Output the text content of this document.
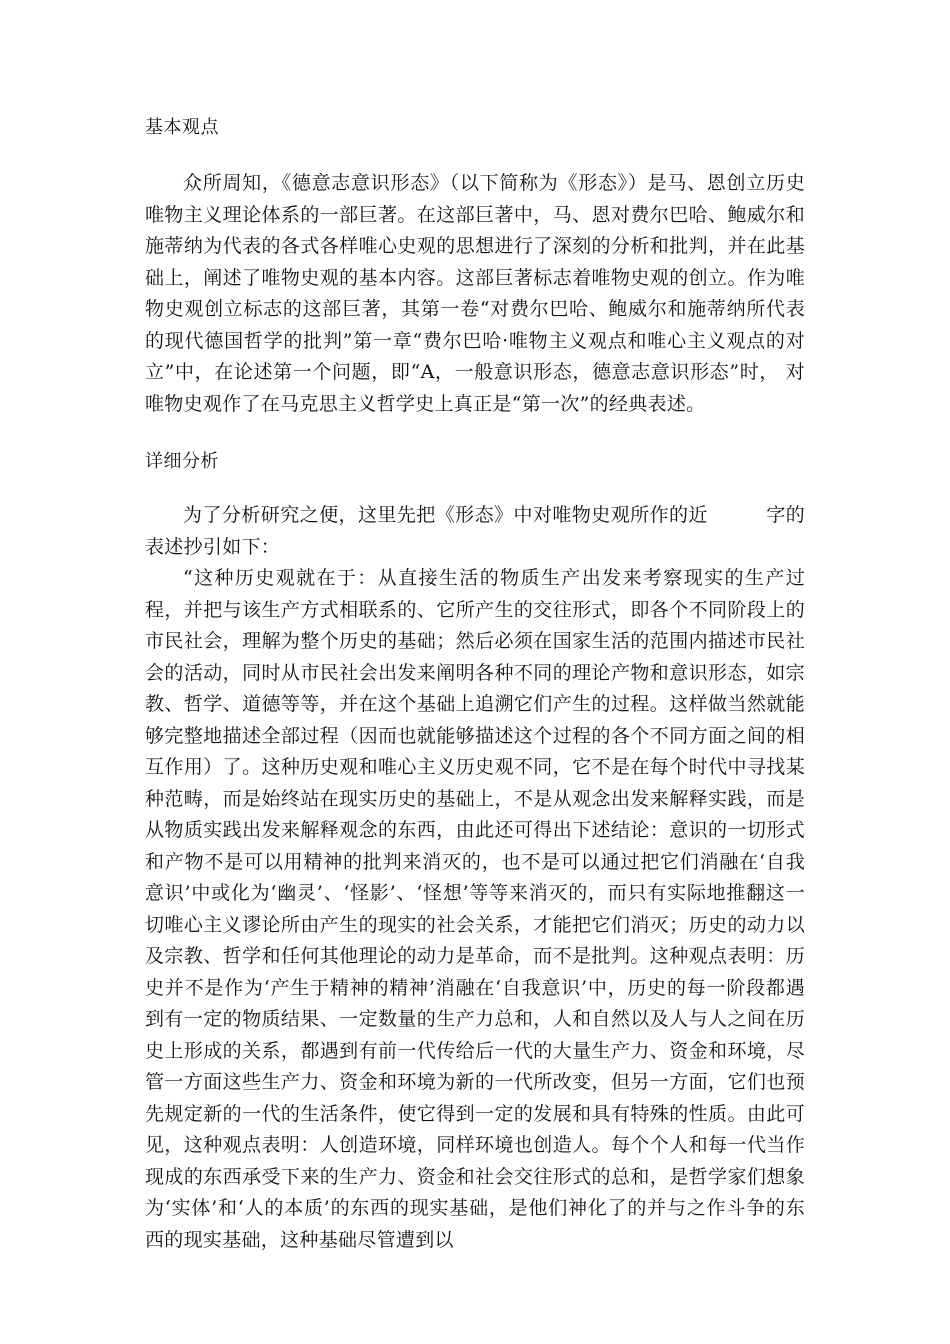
基本观点

众所周知，《德意志意识形态》（以下简称为《形态》）是马、恩创立历史唯物主义理论体系的一部巨著。在这部巨著中，马、恩对费尔巴哈、鲍威尔和施蒂纳为代表的各式各样唯心史观的思想进行了深刻的分析和批判，并在此基础上，阐述了唯物史观的基本内容。这部巨著标志着唯物史观的创立。作为唯物史观创立标志的这部巨著，其第一卷“对费尔巴哈、鲍威尔和施蒂纳所代表的现代德国哲学的批判”第一章“费尔巴哈·唯物主义观点和唯心主义观点的对立”中，在论述第一个问题，即“A，一般意识形态，德意志意识形态”时， 对唯物史观作了在马克思主义哲学史上真正是“第一次”的经典表述。

详细分析

为了分析研究之便，这里先把《形态》中对唯物史观所作的近　　　字的表述抄引如下：

“这种历史观就在于：从直接生活的物质生产出发来考察现实的生产过程，并把与该生产方式相联系的、它所产生的交往形式，即各个不同阶段上的市民社会，理解为整个历史的基础；然后必须在国家生活的范围内描述市民社会的活动，同时从市民社会出发来阐明各种不同的理论产物和意识形态，如宗教、哲学、道德等等，并在这个基础上追溯它们产生的过程。这样做当然就能够完整地描述全部过程（因而也就能够描述这个过程的各个不同方面之间的相互作用）了。这种历史观和唯心主义历史观不同，它不是在每个时代中寻找某种范畴，而是始终站在现实历史的基础上，不是从观念出发来解释实践，而是从物质实践出发来解释观念的东西，由此还可得出下述结论：意识的一切形式和产物不是可以用精神的批判来消灭的，也不是可以通过把它们消融在‘自我意识’中或化为‘幽灵’、‘怪影’、‘怪想’等等来消灭的，而只有实际地推翻这一切唯心主义谬论所由产生的现实的社会关系，才能把它们消灭；历史的动力以及宗教、哲学和任何其他理论的动力是革命，而不是批判。这种观点表明：历史并不是作为‘产生于精神的精神’消融在‘自我意识’中，历史的每一阶段都遇到有一定的物质结果、一定数量的生产力总和，人和自然以及人与人之间在历史上形成的关系，都遇到有前一代传给后一代的大量生产力、资金和环境，尽管一方面这些生产力、资金和环境为新的一代所改变，但另一方面，它们也预先规定新的一代的生活条件，使它得到一定的发展和具有特殊的性质。由此可见，这种观点表明：人创造环境，同样环境也创造人。每个个人和每一代当作现成的东西承受下来的生产力、资金和社会交往形式的总和，是哲学家们想象为‘实体’和‘人的本质’的东西的现实基础，是他们神化了的并与之作斗争的东西的现实基础，这种基础尽管遭到以
